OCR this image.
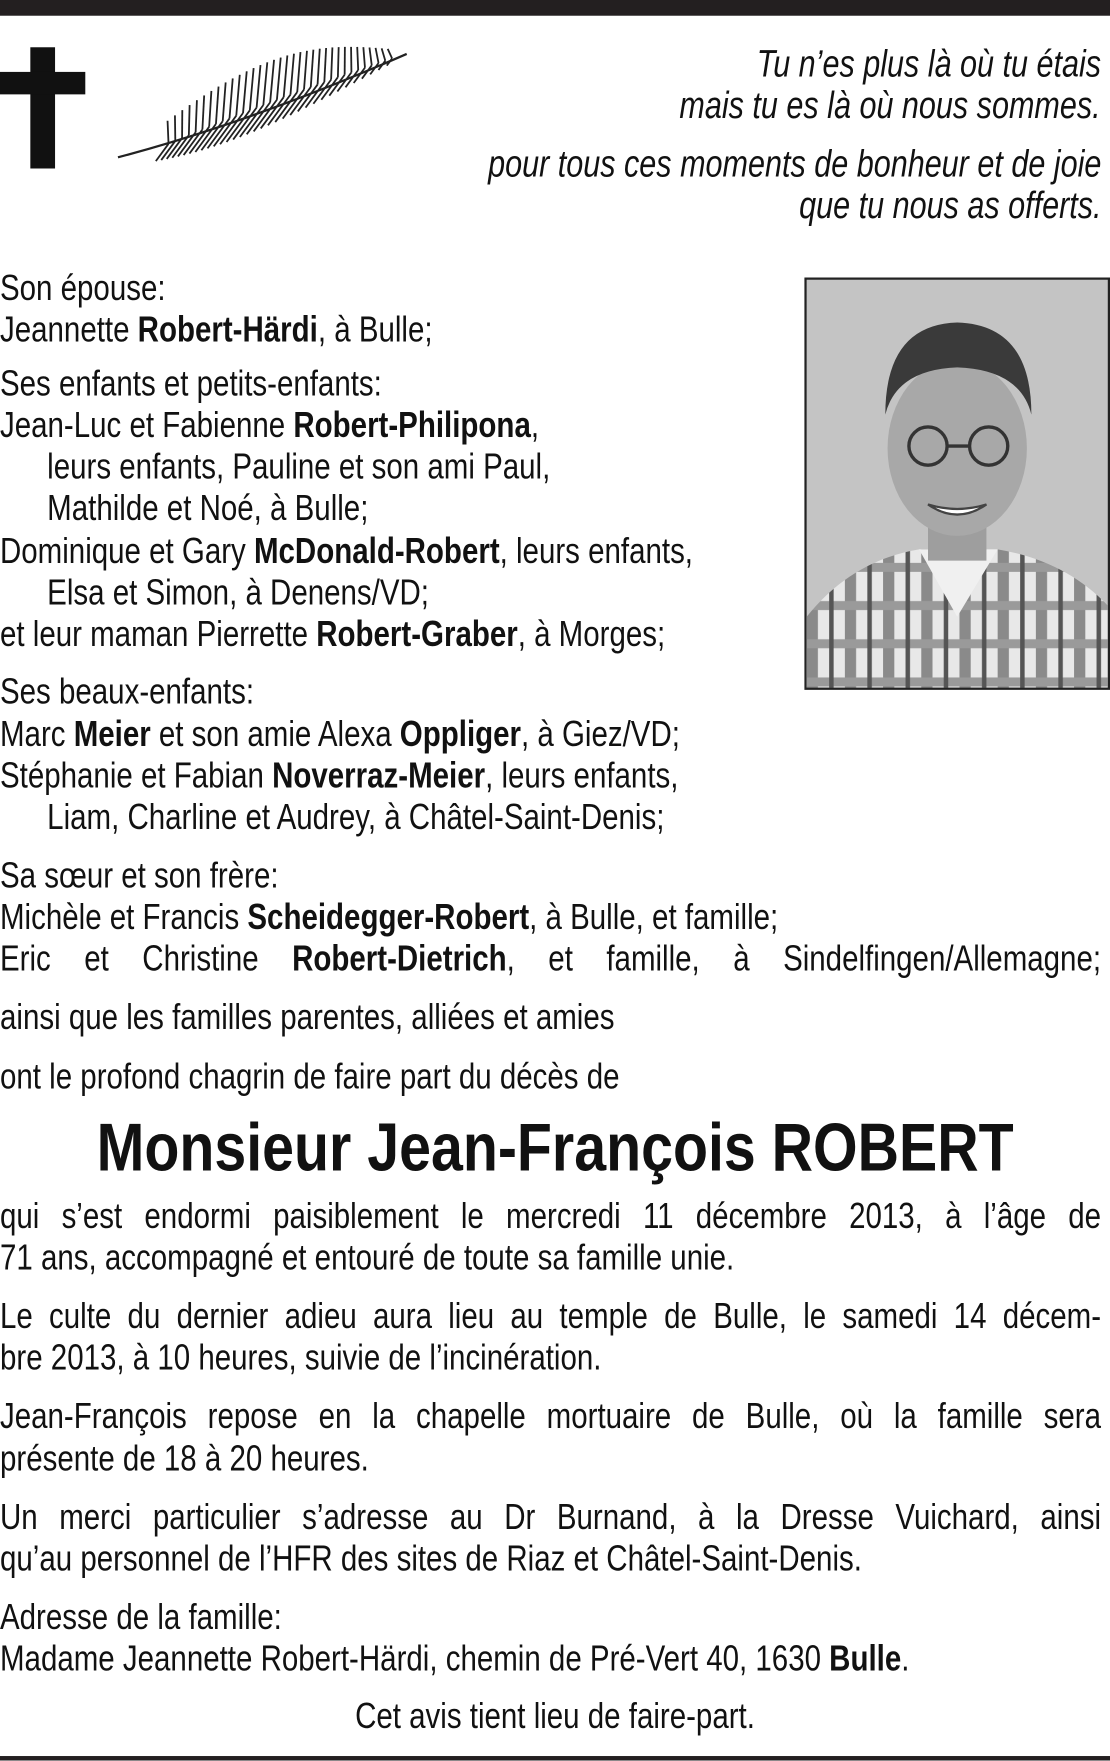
Tu n’es plus là où tu étais
mais tu es là où nous sommes.
pour tous ces moments de bonheur et de joie
que tu nous as offerts.
Son épouse:
Jeannette Robert-Härdi, à Bulle;
Ses enfants et petits-enfants:
Jean-Luc et Fabienne Robert-Philipona,
leurs enfants, Pauline et son ami Paul,
Mathilde et Noé, à Bulle;
Dominique et Gary McDonald-Robert, leurs enfants,
Elsa et Simon, à Denens/VD;
et leur maman Pierrette Robert-Graber, à Morges;
Ses beaux-enfants:
Marc Meier et son amie Alexa Oppliger, à Giez/VD;
Stéphanie et Fabian Noverraz-Meier, leurs enfants,
Liam, Charline et Audrey, à Châtel-Saint-Denis;
Sa sœur et son frère:
Michèle et Francis Scheidegger-Robert, à Bulle, et famille;
Eric et Christine Robert-Dietrich, et famille, à Sindelfingen/Allemagne;
ainsi que les familles parentes, alliées et amies
ont le profond chagrin de faire part du décès de
qui s’est endormi paisiblement le mercredi 11 décembre 2013, à l’âge de
71 ans, accompagné et entouré de toute sa famille unie.
Le culte du dernier adieu aura lieu au temple de Bulle, le samedi 14 décem-
bre 2013, à 10 heures, suivie de l’incinération.
Jean-François repose en la chapelle mortuaire de Bulle, où la famille sera
présente de 18 à 20 heures.
Un merci particulier s’adresse au Dr Burnand, à la Dresse Vuichard, ainsi
qu’au personnel de l’HFR des sites de Riaz et Châtel-Saint-Denis.
Adresse de la famille:
Madame Jeannette Robert-Härdi, chemin de Pré-Vert 40, 1630 Bulle.
Cet avis tient lieu de faire-part.
Monsieur Jean-François ROBERT
